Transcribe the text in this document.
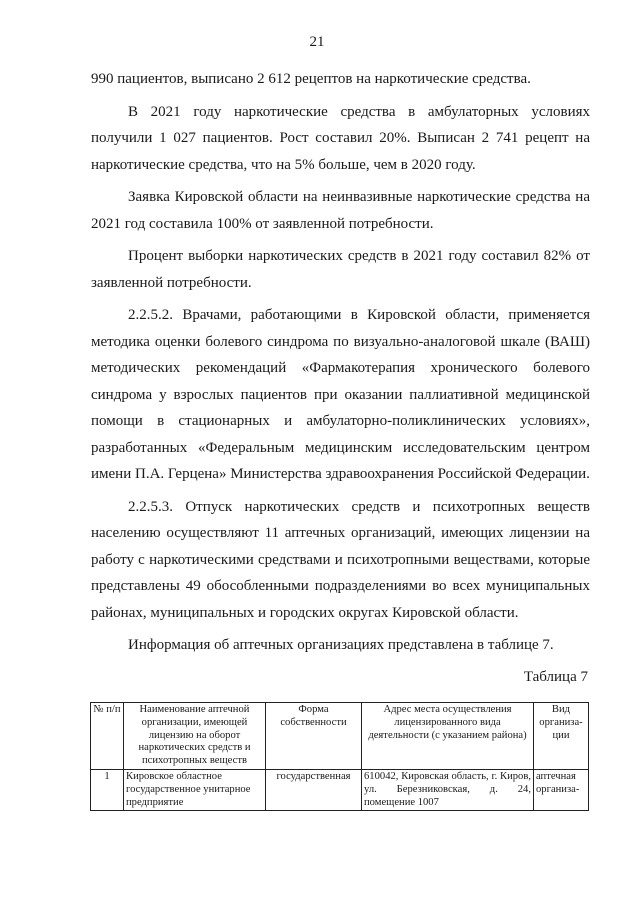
21

990 пациентов, выписано 2 612 рецептов на наркотические средства.

В 2021 году наркотические средства в амбулаторных условиях получили 1 027 пациентов. Рост составил 20%. Выписан 2 741 рецепт на наркотические средства, что на 5% больше, чем в 2020 году.

Заявка Кировской области на неинвазивные наркотические средства на 2021 год составила 100% от заявленной потребности.

Процент выборки наркотических средств в 2021 году составил 82% от заявленной потребности.

2.2.5.2. Врачами, работающими в Кировской области, применяется методика оценки болевого синдрома по визуально-аналоговой шкале (ВАШ) методических рекомендаций «Фармакотерапия хронического болевого синдрома у взрослых пациентов при оказании паллиативной медицинской помощи в стационарных и амбулаторно-поликлинических условиях», разработанных «Федеральным медицинским исследовательским центром имени П.А. Герцена» Министерства здравоохранения Российской Федерации.

2.2.5.3. Отпуск наркотических средств и психотропных веществ населению осуществляют 11 аптечных организаций, имеющих лицензии на работу с наркотическими средствами и психотропными веществами, которые представлены 49 обособленными подразделениями во всех муниципальных районах, муниципальных и городских округах Кировской области.

Информация об аптечных организациях представлена в таблице 7.

Таблица 7
№ п/п	Наименование аптечной организации, имеющей лицензию на оборот наркотических средств и психотропных веществ	Форма собственности	Адрес места осуществления лицензированного вида деятельности (с указанием района)	Вид организа- ции
1	Кировское областное государственное унитарное предприятие	государственная	610042, Кировская область, г. Киров, ул. Березниковская, д. 24, помещение 1007	аптечная организа-
